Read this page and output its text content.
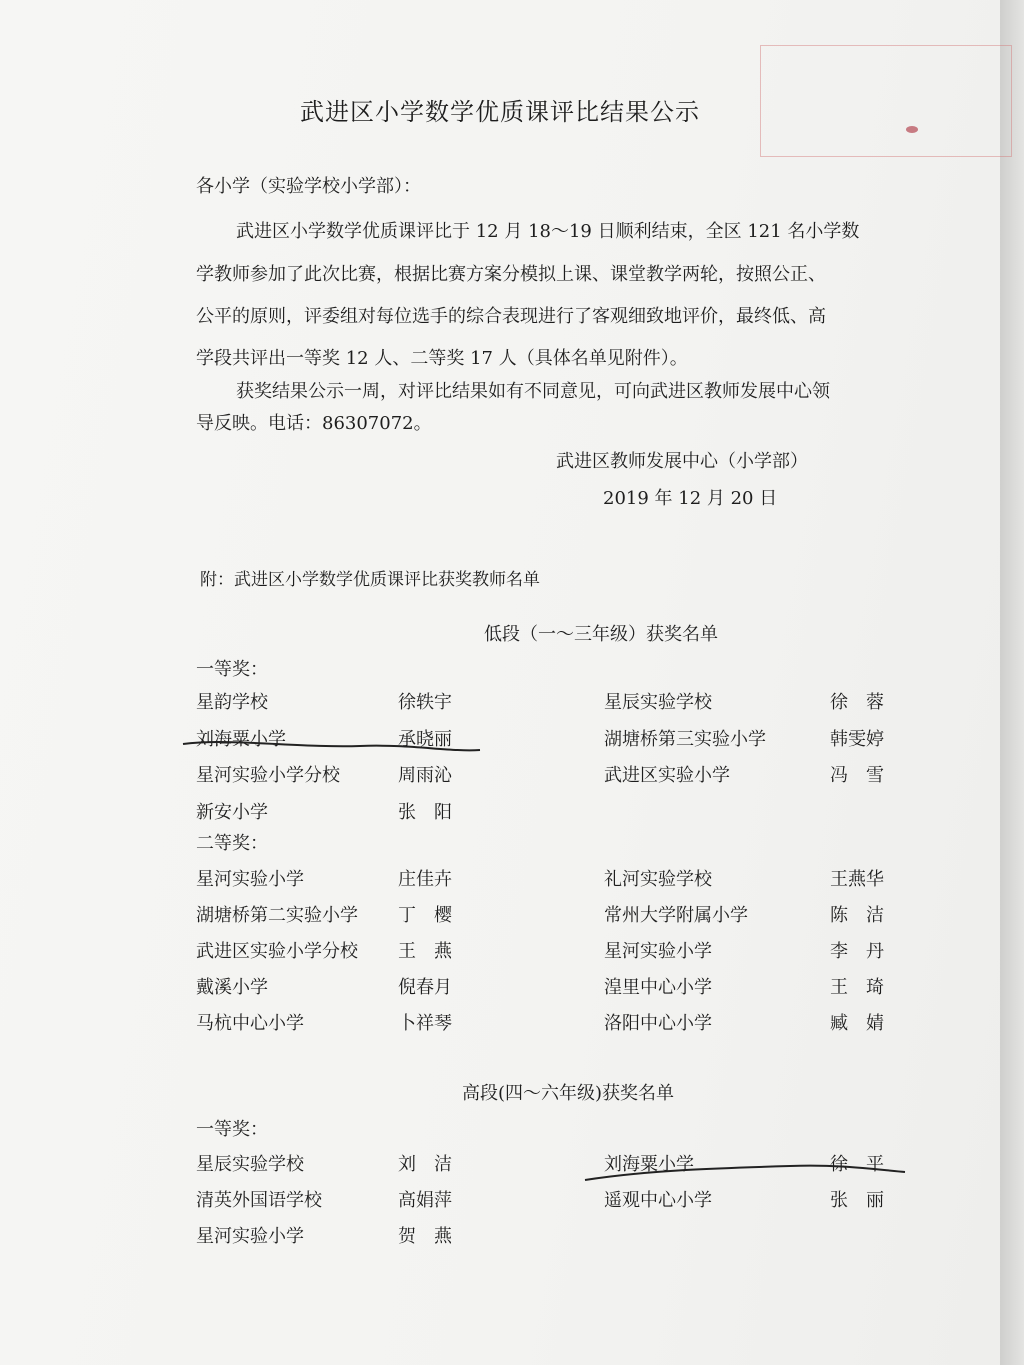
武进区小学数学优质课评比结果公示
各小学（实验学校小学部）：
武进区小学数学优质课评比于 12 月 18～19 日顺利结束，全区 121 名小学数
学教师参加了此次比赛，根据比赛方案分模拟上课、课堂教学两轮，按照公正、
公平的原则，评委组对每位选手的综合表现进行了客观细致地评价，最终低、高
学段共评出一等奖 12 人、二等奖 17 人（具体名单见附件）。
获奖结果公示一周，对评比结果如有不同意见，可向武进区教师发展中心领
导反映。电话：86307072。
武进区教师发展中心（小学部）
2019 年 12 月 20 日
附：武进区小学数学优质课评比获奖教师名单
低段（一～三年级）获奖名单
一等奖：
星韵学校	徐轶宇	星辰实验学校	徐　蓉
刘海粟小学	承晓丽	湖塘桥第三实验小学	韩雯婷
星河实验小学分校	周雨沁	武进区实验小学	冯　雪
新安小学	张　阳
二等奖：
星河实验小学	庄佳卉	礼河实验学校	王燕华
湖塘桥第二实验小学 丁　樱	常州大学附属小学	陈　洁
武进区实验小学分校 王　燕	星河实验小学	李　丹
戴溪小学	倪春月	湟里中心小学	王　琦
马杭中心小学	卜祥琴	洛阳中心小学	臧　婧
高段(四～六年级)获奖名单
一等奖：
星辰实验学校	刘　洁	刘海粟小学	徐　平
清英外国语学校	高娟萍	遥观中心小学	张　丽
星河实验小学	贺　燕
